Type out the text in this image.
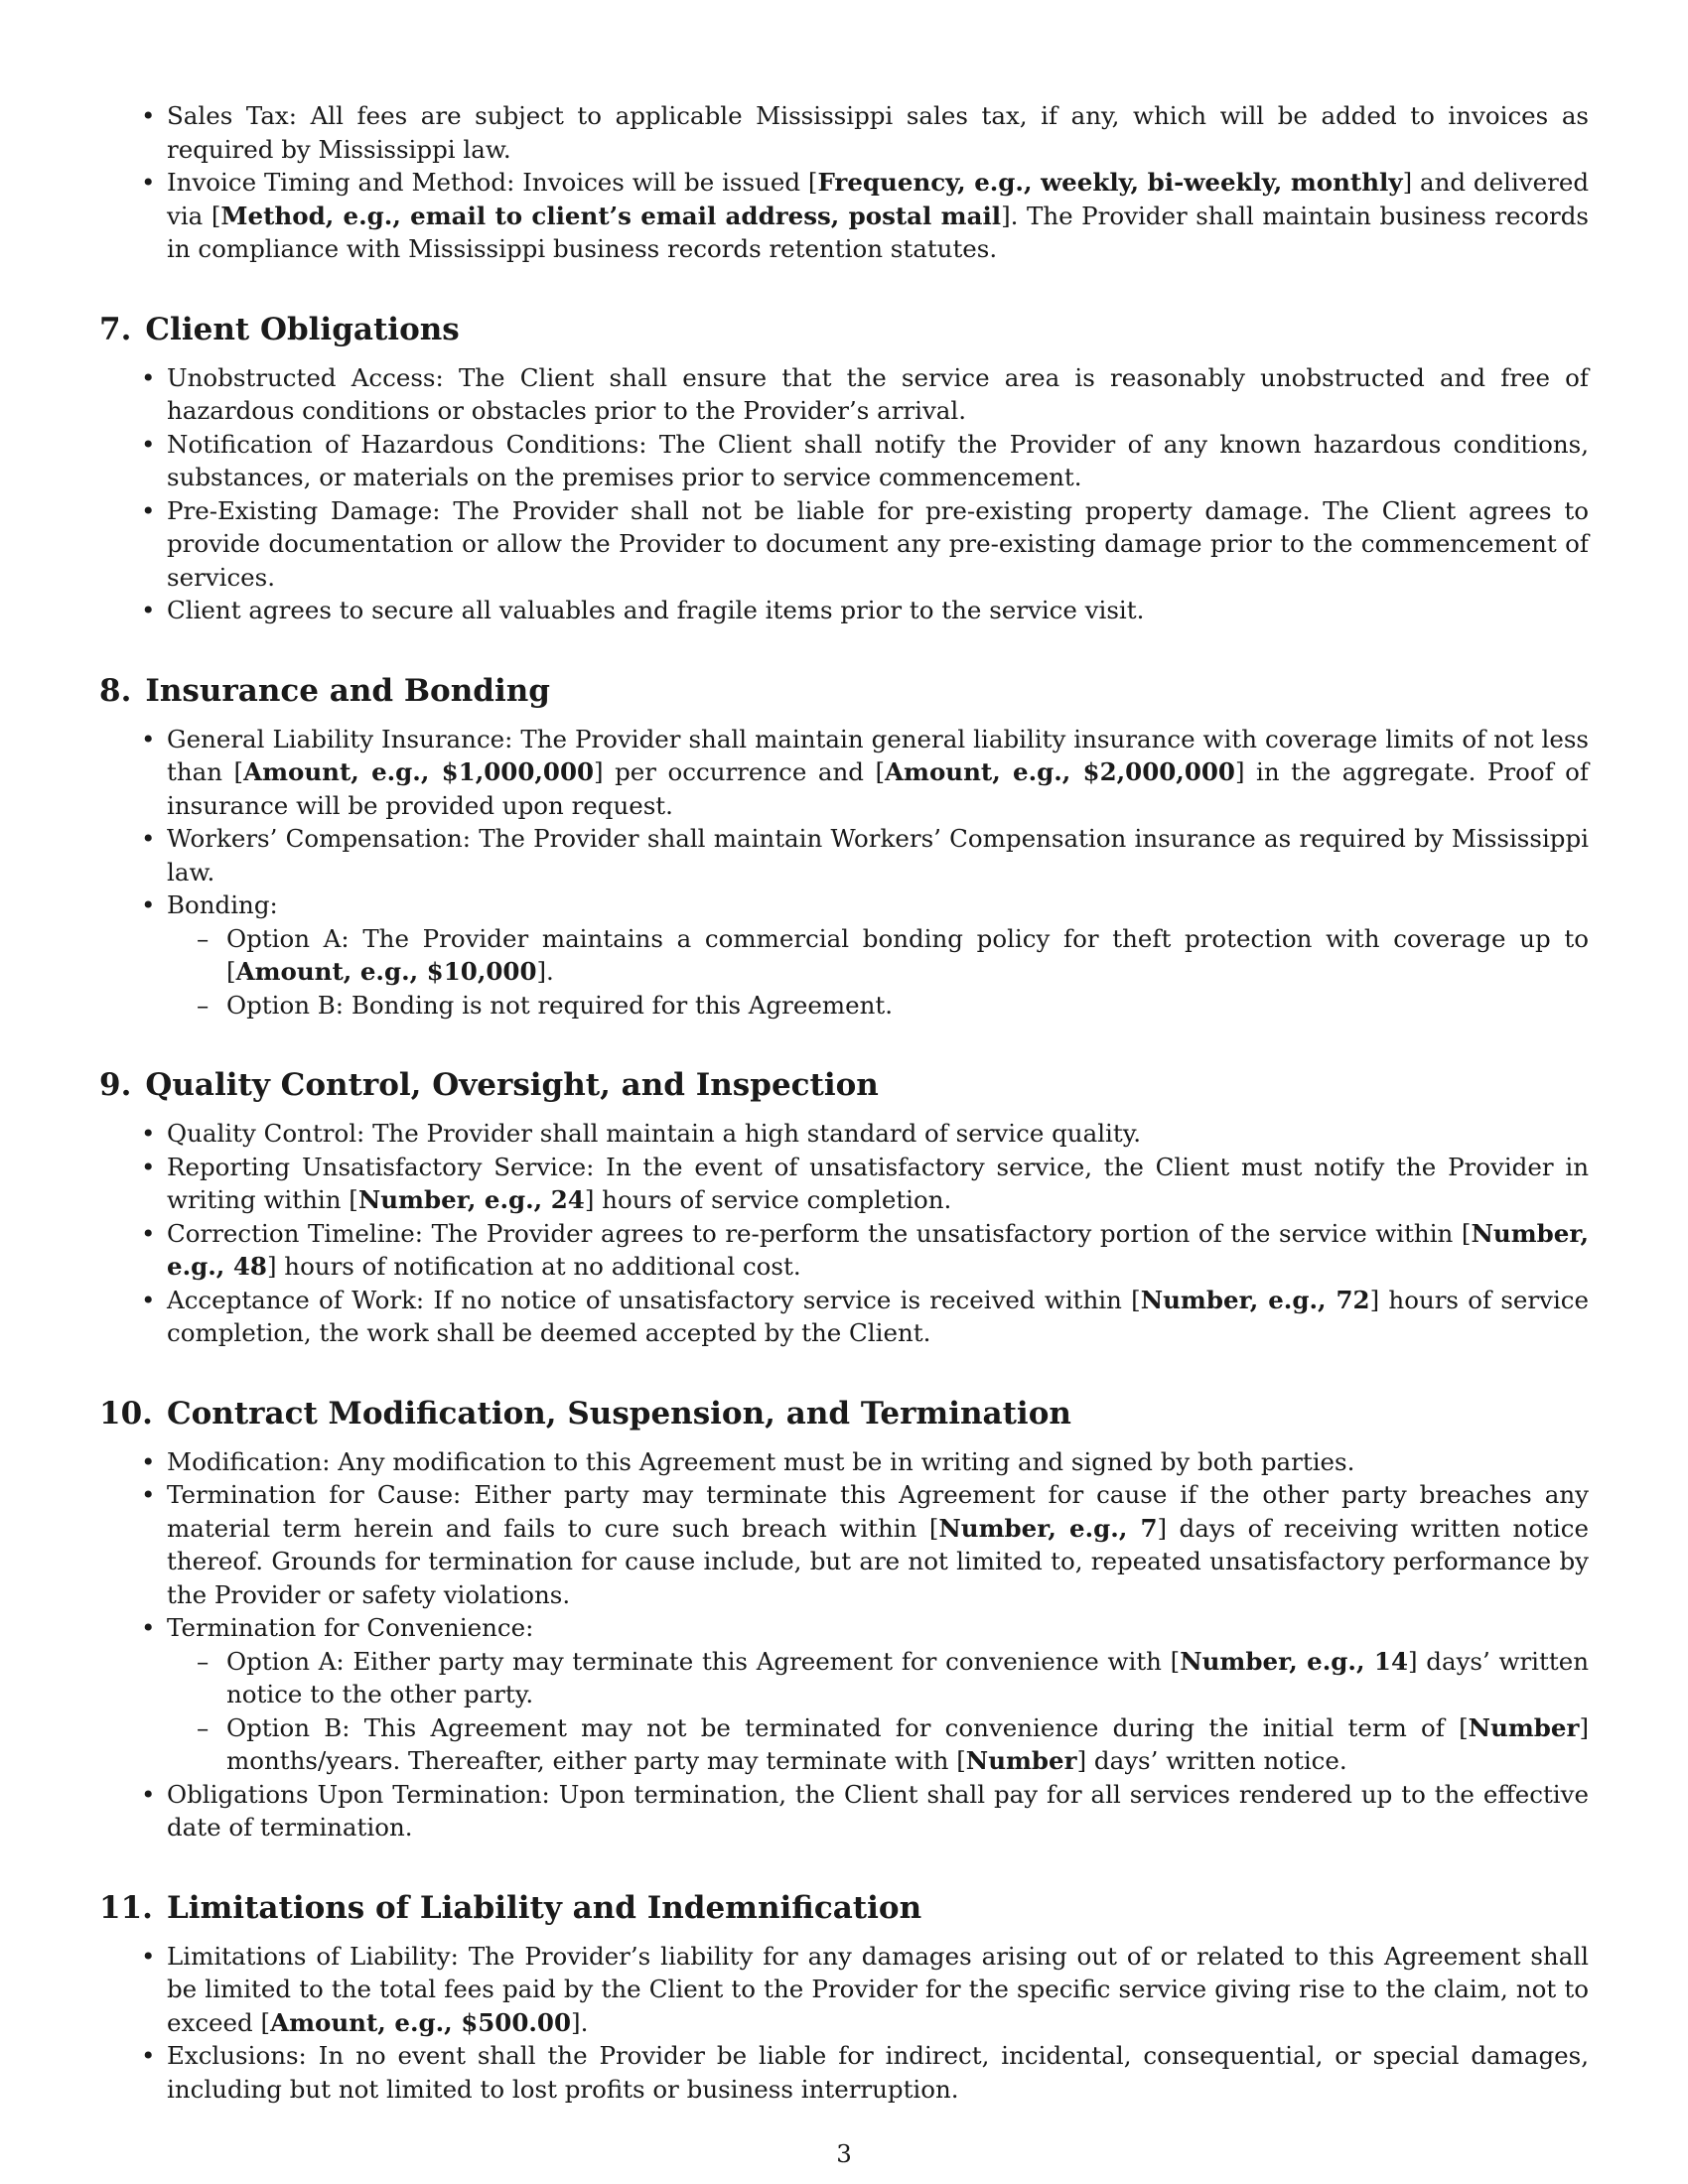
• Sales Tax: All fees are subject to applicable Mississippi sales tax, if any, which will be added to invoices as required by Mississippi law.
• Invoice Timing and Method: Invoices will be issued [Frequency, e.g., weekly, bi-weekly, monthly] and delivered via [Method, e.g., email to client’s email address, postal mail]. The Provider shall maintain business records in compliance with Mississippi business records retention statutes.
7. Client Obligations
• Unobstructed Access: The Client shall ensure that the service area is reasonably unobstructed and free of hazardous conditions or obstacles prior to the Provider’s arrival.
• Notification of Hazardous Conditions: The Client shall notify the Provider of any known hazardous conditions, substances, or materials on the premises prior to service commencement.
• Pre-Existing Damage: The Provider shall not be liable for pre-existing property damage. The Client agrees to provide documentation or allow the Provider to document any pre-existing damage prior to the commencement of services.
• Client agrees to secure all valuables and fragile items prior to the service visit.
8. Insurance and Bonding
• General Liability Insurance: The Provider shall maintain general liability insurance with coverage limits of not less than [Amount, e.g., $1,000,000] per occurrence and [Amount, e.g., $2,000,000] in the aggregate. Proof of insurance will be provided upon request.
• Workers’ Compensation: The Provider shall maintain Workers’ Compensation insurance as required by Mississippi law.
• Bonding:
– Option A: The Provider maintains a commercial bonding policy for theft protection with coverage up to [Amount, e.g., $10,000].
– Option B: Bonding is not required for this Agreement.
9. Quality Control, Oversight, and Inspection
• Quality Control: The Provider shall maintain a high standard of service quality.
• Reporting Unsatisfactory Service: In the event of unsatisfactory service, the Client must notify the Provider in writing within [Number, e.g., 24] hours of service completion.
• Correction Timeline: The Provider agrees to re-perform the unsatisfactory portion of the service within [Number, e.g., 48] hours of notification at no additional cost.
• Acceptance of Work: If no notice of unsatisfactory service is received within [Number, e.g., 72] hours of service completion, the work shall be deemed accepted by the Client.
10. Contract Modification, Suspension, and Termination
• Modification: Any modification to this Agreement must be in writing and signed by both parties.
• Termination for Cause: Either party may terminate this Agreement for cause if the other party breaches any material term herein and fails to cure such breach within [Number, e.g., 7] days of receiving written notice thereof. Grounds for termination for cause include, but are not limited to, repeated unsatisfactory performance by the Provider or safety violations.
• Termination for Convenience:
– Option A: Either party may terminate this Agreement for convenience with [Number, e.g., 14] days’ written notice to the other party.
– Option B: This Agreement may not be terminated for convenience during the initial term of [Number] months/years. Thereafter, either party may terminate with [Number] days’ written notice.
• Obligations Upon Termination: Upon termination, the Client shall pay for all services rendered up to the effective date of termination.
11. Limitations of Liability and Indemnification
• Limitations of Liability: The Provider’s liability for any damages arising out of or related to this Agreement shall be limited to the total fees paid by the Client to the Provider for the specific service giving rise to the claim, not to exceed [Amount, e.g., $500.00].
• Exclusions: In no event shall the Provider be liable for indirect, incidental, consequential, or special damages, including but not limited to lost profits or business interruption.
3
